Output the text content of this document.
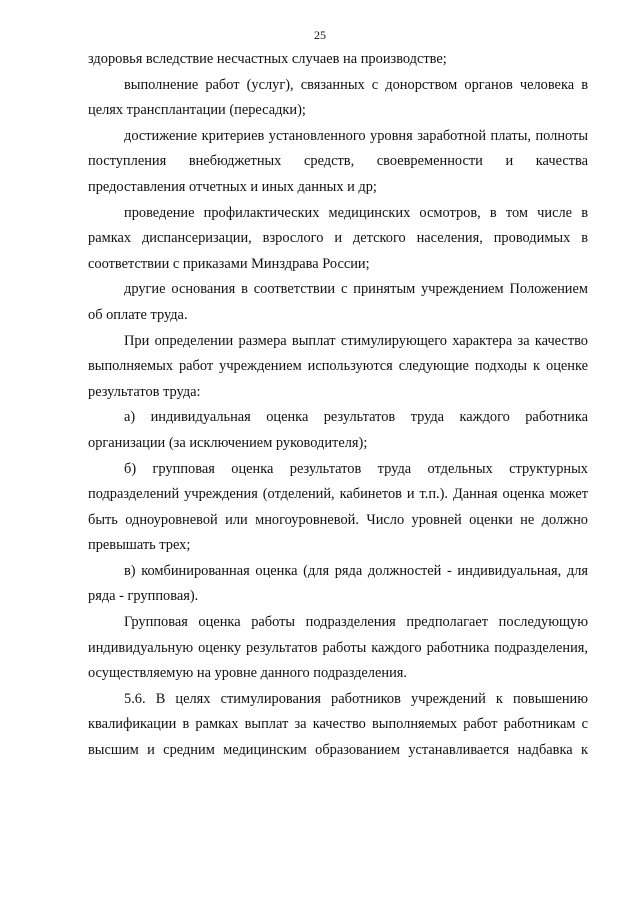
25

здоровья вследствие несчастных случаев на производстве;

выполнение работ (услуг), связанных с донорством органов человека в целях трансплантации (пересадки);

достижение критериев установленного уровня заработной платы, полноты поступления внебюджетных средств, своевременности и качества предоставления отчетных и иных данных и др;

проведение профилактических медицинских осмотров, в том числе в рамках диспансеризации, взрослого и детского населения, проводимых в соответствии с приказами Минздрава России;

другие основания в соответствии с принятым учреждением Положением об оплате труда.

При определении размера выплат стимулирующего характера за качество выполняемых работ учреждением используются следующие подходы к оценке результатов труда:

а) индивидуальная оценка результатов труда каждого работника организации (за исключением руководителя);

б) групповая оценка результатов труда отдельных структурных подразделений учреждения (отделений, кабинетов и т.п.). Данная оценка может быть одноуровневой или многоуровневой. Число уровней оценки не должно превышать трех;

в) комбинированная оценка (для ряда должностей - индивидуальная, для ряда - групповая).

Групповая оценка работы подразделения предполагает последующую индивидуальную оценку результатов работы каждого работника подразделения, осуществляемую на уровне данного подразделения.

5.6. В целях стимулирования работников учреждений к повышению квалификации в рамках выплат за качество выполняемых работ работникам с высшим и средним медицинским образованием устанавливается надбавка к
